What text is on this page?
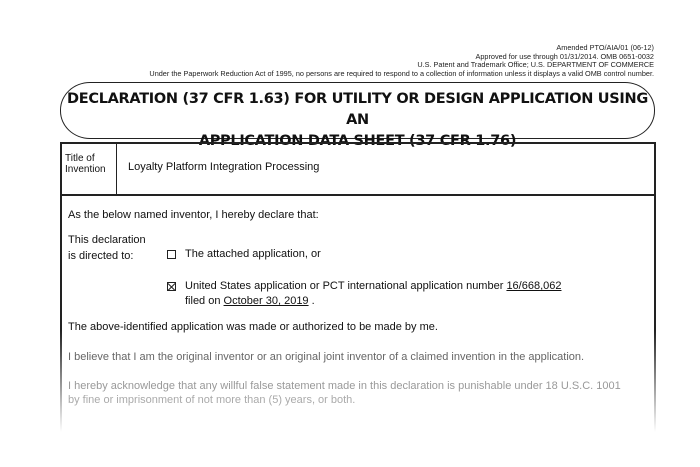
Amended PTO/AIA/01 (06-12)
Approved for use through 01/31/2014. OMB 0651-0032
U.S. Patent and Trademark Office; U.S. DEPARTMENT OF COMMERCE
Under the Paperwork Reduction Act of 1995, no persons are required to respond to a collection of information unless it displays a valid OMB control number.
DECLARATION (37 CFR 1.63) FOR UTILITY OR DESIGN APPLICATION USING AN
APPLICATION DATA SHEET (37 CFR 1.76)
Title of Invention	Loyalty Platform Integration Processing
As the below named inventor, I hereby declare that:
This declaration
is directed to:	The attached application, or
United States application or PCT international application number 16/668,062
filed on October 30, 2019 .
The above-identified application was made or authorized to be made by me.
I believe that I am the original inventor or an original joint inventor of a claimed invention in the application.
I hereby acknowledge that any willful false statement made in this declaration is punishable under 18 U.S.C. 1001
by fine or imprisonment of not more than (5) years, or both.
